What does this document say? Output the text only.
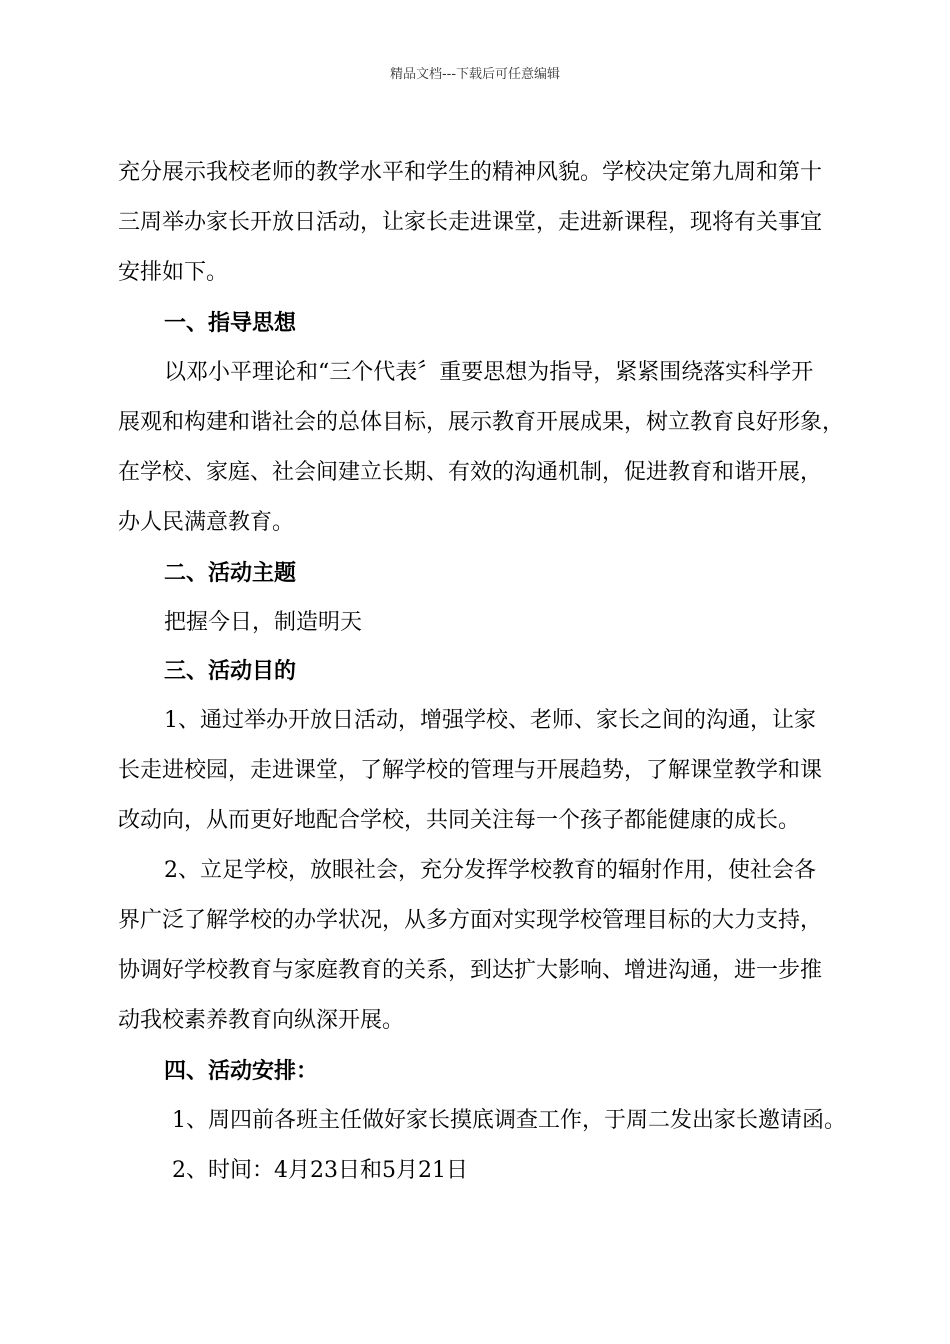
精品文档---下载后可任意编辑
充分展示我校老师的教学水平和学生的精神风貌。学校决定第九周和第十
三周举办家长开放日活动，让家长走进课堂，走进新课程，现将有关事宜
安排如下。
一、指导思想
以邓小平理论和“三个代表〞重要思想为指导，紧紧围绕落实科学开
展观和构建和谐社会的总体目标，展示教育开展成果，树立教育良好形象，
在学校、家庭、社会间建立长期、有效的沟通机制，促进教育和谐开展，
办人民满意教育。
二、活动主题
把握今日，制造明天
三、活动目的
1、通过举办开放日活动，增强学校、老师、家长之间的沟通，让家
长走进校园，走进课堂，了解学校的管理与开展趋势，了解课堂教学和课
改动向，从而更好地配合学校，共同关注每一个孩子都能健康的成长。
2、立足学校，放眼社会，充分发挥学校教育的辐射作用，使社会各
界广泛了解学校的办学状况，从多方面对实现学校管理目标的大力支持，
协调好学校教育与家庭教育的关系，到达扩大影响、增进沟通，进一步推
动我校素养教育向纵深开展。
四、活动安排：
1、周四前各班主任做好家长摸底调查工作，于周二发出家长邀请函。
2、时间：4月23日和5月21日
